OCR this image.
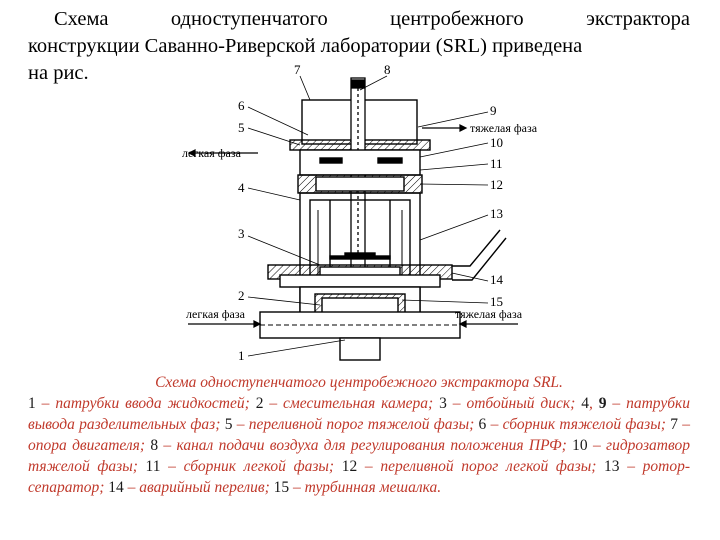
Схема	одноступенчатого	центробежного	экстрактора
конструкции Саванно-Риверской лаборатории (SRL) приведена
на рис.
легкая фаза
тяжелая фаза
легкая фаза	тяжелая фаза
1
2
3
4
5
6
7	8
9
10
11
12
13
14
15
Схема одноступенчатого центробежного экстрактора SRL.
1 – патрубки ввода жидкостей; 2 – смесительная камера; 3 – отбойный диск; 4, 9 – патрубки вывода разделительных фаз; 5 – переливной порог тяжелой фазы; 6 – сборник тяжелой фазы; 7 – опора двигателя; 8 – канал подачи воздуха для регулирования положения ПРФ; 10 – гидрозатвор тяжелой фазы; 11 – сборник легкой фазы; 12 – переливной порог легкой фазы; 13 – ротор-сепаратор; 14 – аварийный перелив; 15 – турбинная мешалка.
